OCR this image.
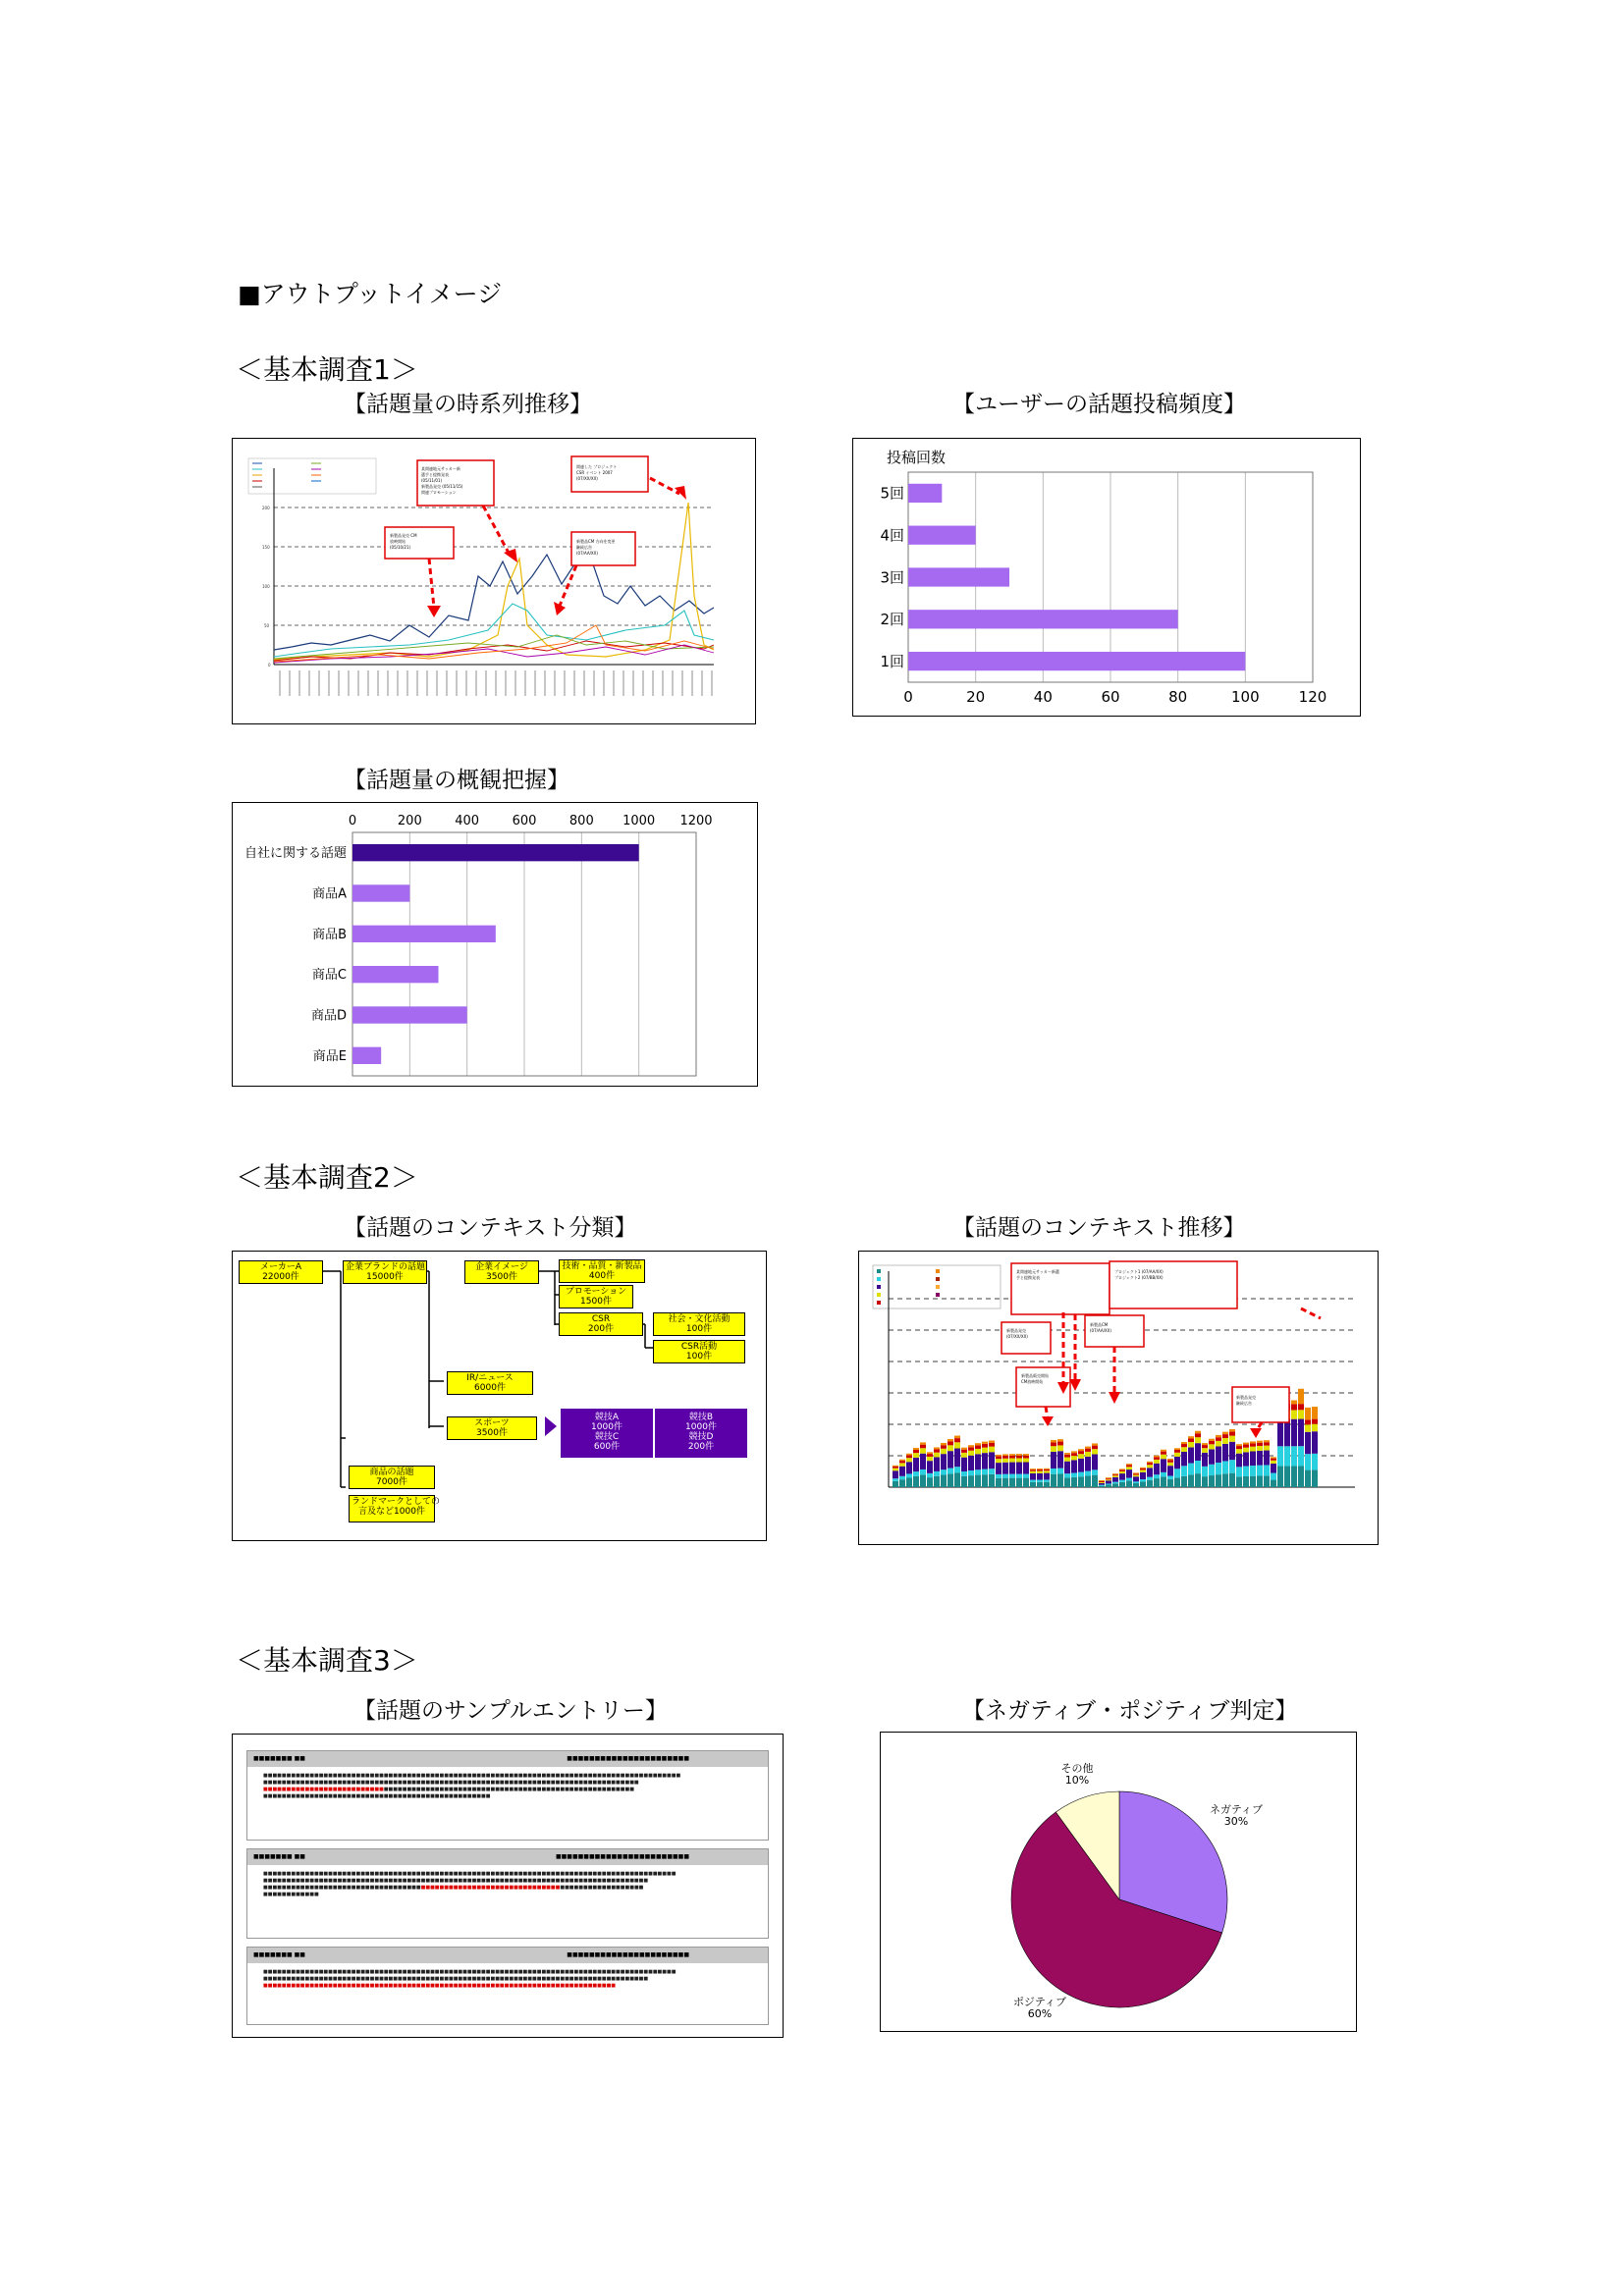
■アウトプットイメージ
＜基本調査1＞
【話題量の時系列推移】	【ユーザーの話題投稿頻度】
200
150
100
50
0
新製品発売 CM
放映開始
(05/10/21)
某関連地元サッカー新
選手と提携発表
(05/11/01)
新製品発売 (05/11/15)
関連プロモーション
新製品CM 方向を変更
継続広告
(07/AA/XX)
関連した プロジェクト
CSR イベント 2007
(07/XX/XX)
投稿回数
0	20	40	60	80	100	120
5回
4回
3回
2回
1回
【話題量の概観把握】
0	200	400	600	800 1000 1200
自社に関する話題
商品A
商品B
商品C
商品D
商品E
＜基本調査2＞
【話題のコンテキスト分類】	【話題のコンテキスト推移】
メーカーA
22000件
企業ブランドの話題
15000件
企業イメージ
3500件
技術・品質・新製品
400件
プロモーション
1500件
CSR
200件
社会・文化活動
100件
CSR活動
100件
IR/ニュース
6000件
スポーツ
3500件
商品の話題
7000件
ランドマークとしての
言及など1000件
競技A
1000件
競技C
600件
競技B
1000件
競技D
200件
某関連地元サッカー新選
手と提携発表
プロジェクト1 (07/AA/XX)
プロジェクト2 (07/BB/XX)
新製品CM
(07/AA/XX)
新製品発売
(07/XX/XX)
新製品販売開始
CM放映開始
新製品発売
継続広告
＜基本調査3＞
【話題のサンプルエントリー】	【ネガティブ・ポジティブ判定】
■■■■■■■ ■■	■■■■■■■■■■■■■■■■■■■■■■
■■■■■■■■■■■■■■■■■■■■■■■■■■■■■■■■■■■■■■■■■■■■■■■■■■■■■■■■■■■■■■■■■■■■■■■■■■■■■■■■■■■■■■■■■■
■■■■■■■■■■■■■■■■■■■■■■■■■■■■■■■■■■■■■■■■■■■■■■■■■■■■■■■■■■■■■■■■■■■■■■■■■■■■■■■■■
■■■■■■■■■■■■■■■■■■■■■■■■■■■■■■■■■■■■■■■■■■■■■■■■■■■■■■■■■■■■■■■■■■■■■■■■■■■■■■■■
■■■■■■■■■■■■■■■■■■■■■■■■■■■■■■■■■■■■■■■■■■■■■■■■■
■■■■■■■ ■■	■■■■■■■■■■■■■■■■■■■■■■■■
■■■■■■■■■■■■■■■■■■■■■■■■■■■■■■■■■■■■■■■■■■■■■■■■■■■■■■■■■■■■■■■■■■■■■■■■■■■■■■■■■■■■■■■■■
■■■■■■■■■■■■■■■■■■■■■■■■■■■■■■■■■■■■■■■■■■■■■■■■■■■■■■■■■■■■■■■■■■■■■■■■■■■■■■■■■■■
■■■■■■■■■■■■■■■■■■■■■■■■■■■■■■■■■■■■■■■■■■■■■■■■■■■■■■■■■■■■■■■■■■■■■■■■■■■■■■■■■■
■■■■■■■■■■■■
■■■■■■■ ■■	■■■■■■■■■■■■■■■■■■■■■■
■■■■■■■■■■■■■■■■■■■■■■■■■■■■■■■■■■■■■■■■■■■■■■■■■■■■■■■■■■■■■■■■■■■■■■■■■■■■■■■■■■■■■■■■■
■■■■■■■■■■■■■■■■■■■■■■■■■■■■■■■■■■■■■■■■■■■■■■■■■■■■■■■■■■■■■■■■■■■■■■■■■■■■■■■■■■■
■■■■■■■■■■■■■■■■■■■■■■■■■■■■■■■■■■■■■■■■■■■■■■■■■■■■■■■■■■■■■■■■■■■■■■■■■■■■
ネガティブ
30%
ポジティブ
60%
その他
10%
